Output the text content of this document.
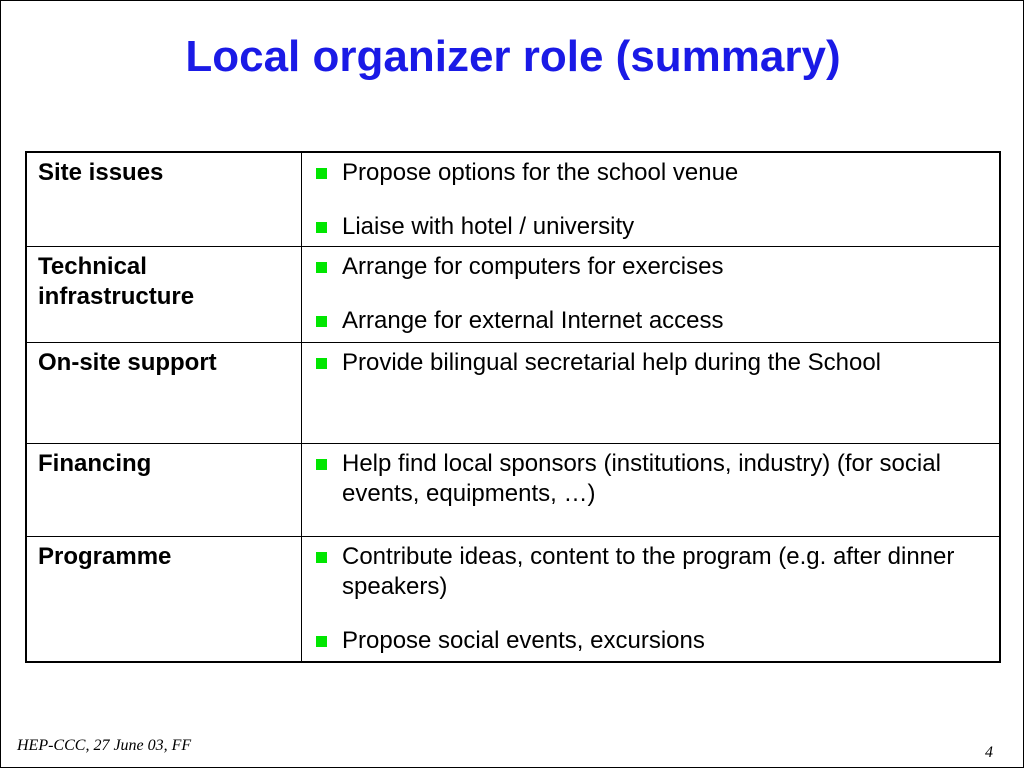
Local organizer role (summary)
Site issues	Propose options for the school venue
Liaise with hotel / university

Technical infrastructure	Arrange for computers for exercises
Arrange for external Internet access

On-site support	Provide bilingual secretarial help during the School

Financing	Help find local sponsors (institutions, industry) (for social events, equipments, …)

Programme	Contribute ideas, content to the program (e.g. after dinner speakers)
Propose social events, excursions
HEP-CCC, 27 June 03, FF	4
